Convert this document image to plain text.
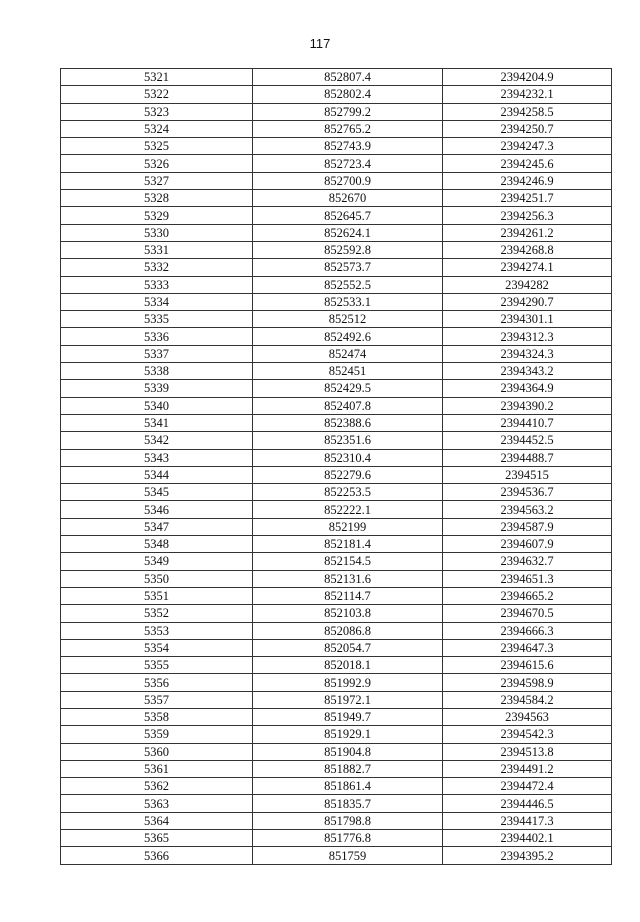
117
5321	852807.4	2394204.9
5322	852802.4	2394232.1
5323	852799.2	2394258.5
5324	852765.2	2394250.7
5325	852743.9	2394247.3
5326	852723.4	2394245.6
5327	852700.9	2394246.9
5328	852670	2394251.7
5329	852645.7	2394256.3
5330	852624.1	2394261.2
5331	852592.8	2394268.8
5332	852573.7	2394274.1
5333	852552.5	2394282
5334	852533.1	2394290.7
5335	852512	2394301.1
5336	852492.6	2394312.3
5337	852474	2394324.3
5338	852451	2394343.2
5339	852429.5	2394364.9
5340	852407.8	2394390.2
5341	852388.6	2394410.7
5342	852351.6	2394452.5
5343	852310.4	2394488.7
5344	852279.6	2394515
5345	852253.5	2394536.7
5346	852222.1	2394563.2
5347	852199	2394587.9
5348	852181.4	2394607.9
5349	852154.5	2394632.7
5350	852131.6	2394651.3
5351	852114.7	2394665.2
5352	852103.8	2394670.5
5353	852086.8	2394666.3
5354	852054.7	2394647.3
5355	852018.1	2394615.6
5356	851992.9	2394598.9
5357	851972.1	2394584.2
5358	851949.7	2394563
5359	851929.1	2394542.3
5360	851904.8	2394513.8
5361	851882.7	2394491.2
5362	851861.4	2394472.4
5363	851835.7	2394446.5
5364	851798.8	2394417.3
5365	851776.8	2394402.1
5366	851759	2394395.2
